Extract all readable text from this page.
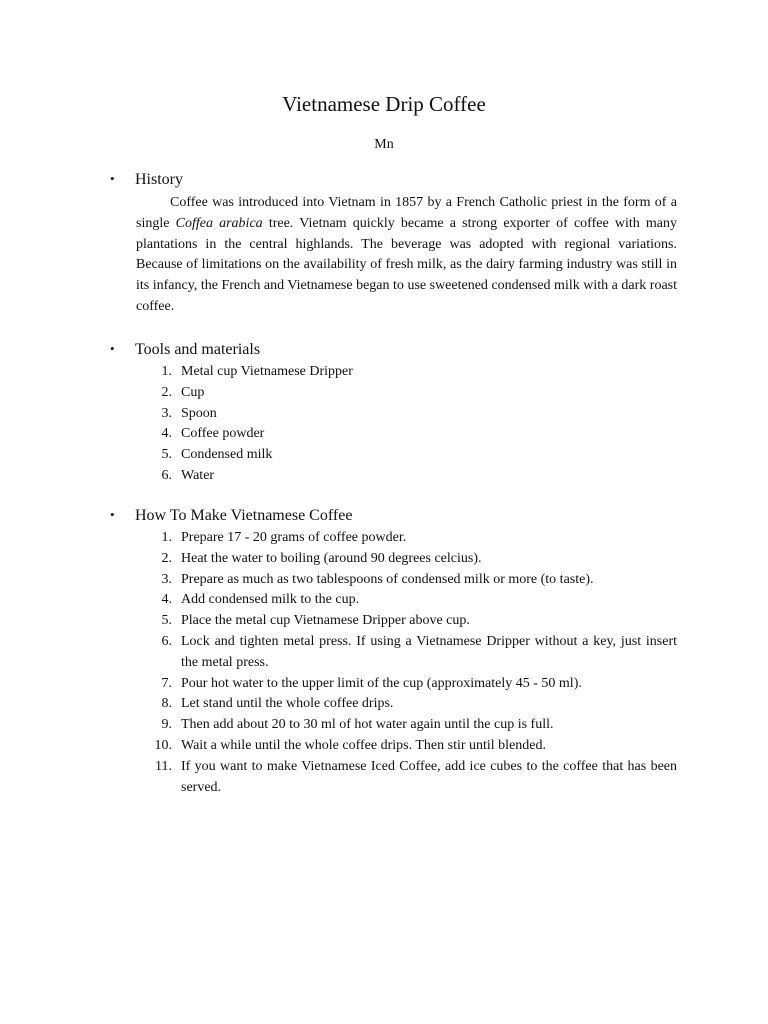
Vietnamese Drip Coffee
Mn
• History

Coffee was introduced into Vietnam in 1857 by a French Catholic priest in the form of a single Coffea arabica tree. Vietnam quickly became a strong exporter of coffee with many plantations in the central highlands. The beverage was adopted with regional variations. Because of limitations on the availability of fresh milk, as the dairy farming industry was still in its infancy, the French and Vietnamese began to use sweetened condensed milk with a dark roast coffee.

• Tools and materials
1. Metal cup Vietnamese Dripper
2. Cup
3. Spoon
4. Coffee powder
5. Condensed milk
6. Water
• How To Make Vietnamese Coffee
1. Prepare 17 - 20 grams of coffee powder.
2. Heat the water to boiling (around 90 degrees celcius).
3. Prepare as much as two tablespoons of condensed milk or more (to taste).
4. Add condensed milk to the cup.
5. Place the metal cup Vietnamese Dripper above cup.
6. Lock and tighten metal press. If using a Vietnamese Dripper without a key, just insert the metal press.
7. Pour hot water to the upper limit of the cup (approximately 45 - 50 ml).
8. Let stand until the whole coffee drips.
9. Then add about 20 to 30 ml of hot water again until the cup is full.
10. Wait a while until the whole coffee drips. Then stir until blended.
11. If you want to make Vietnamese Iced Coffee, add ice cubes to the coffee that has been served.
